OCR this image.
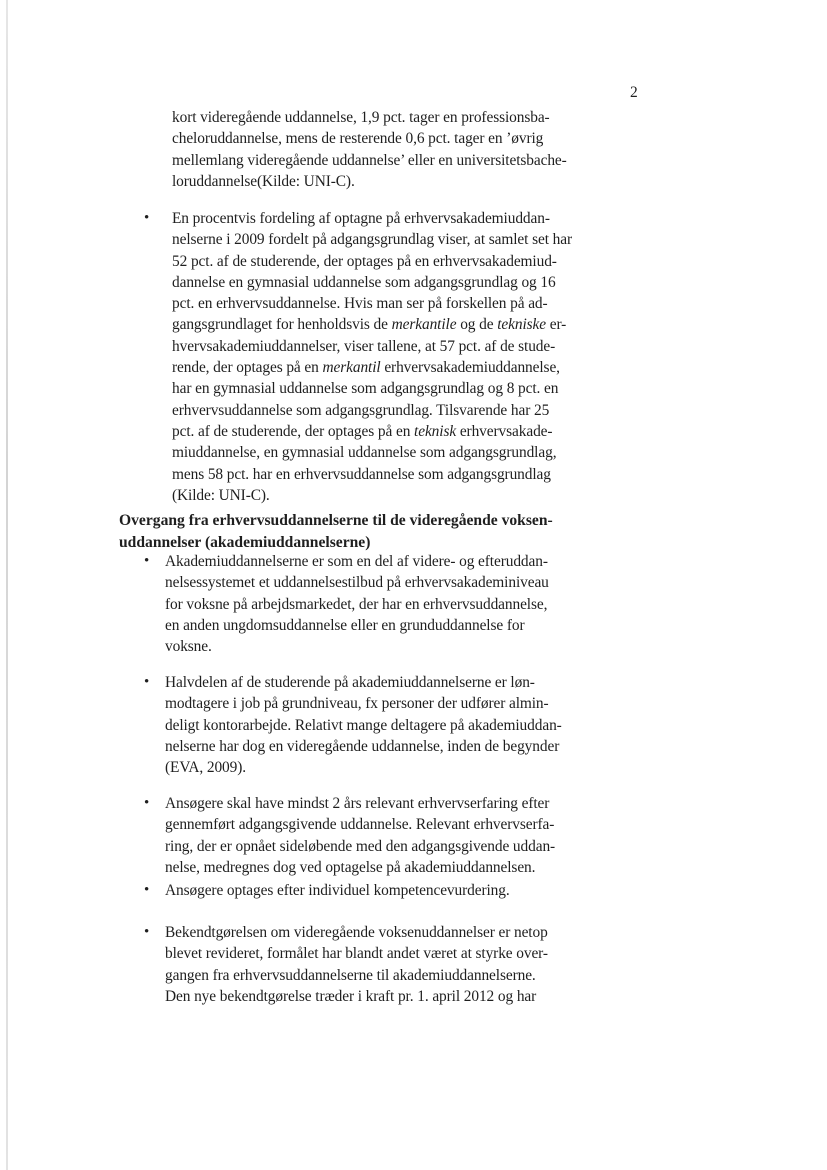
2
kort videregående uddannelse, 1,9 pct. tager en professionsba-
cheloruddannelse, mens de resterende 0,6 pct. tager en ’øvrig
mellemlang videregående uddannelse’ eller en universitetsbache-
loruddannelse(Kilde: UNI-C).
• En procentvis fordeling af optagne på erhvervsakademiuddan-
nelserne i 2009 fordelt på adgangsgrundlag viser, at samlet set har
52 pct. af de studerende, der optages på en erhvervsakademiud-
dannelse en gymnasial uddannelse som adgangsgrundlag og 16
pct. en erhvervsuddannelse. Hvis man ser på forskellen på ad-
gangsgrundlaget for henholdsvis de merkantile og de tekniske er-
hvervsakademiuddannelser, viser tallene, at 57 pct. af de stude-
rende, der optages på en merkantil erhvervsakademiuddannelse,
har en gymnasial uddannelse som adgangsgrundlag og 8 pct. en
erhvervsuddannelse som adgangsgrundlag. Tilsvarende har 25
pct. af de studerende, der optages på en teknisk erhvervsakade-
miuddannelse, en gymnasial uddannelse som adgangsgrundlag,
mens 58 pct. har en erhvervsuddannelse som adgangsgrundlag
(Kilde: UNI-C).
Overgang fra erhvervsuddannelserne til de videregående voksen-
uddannelser (akademiuddannelserne)
• Akademiuddannelserne er som en del af videre- og efteruddan-
nelsessystemet et uddannelsestilbud på erhvervsakademiniveau
for voksne på arbejdsmarkedet, der har en erhvervsuddannelse,
en anden ungdomsuddannelse eller en grunduddannelse for
voksne.
• Halvdelen af de studerende på akademiuddannelserne er løn-
modtagere i job på grundniveau, fx personer der udfører almin-
deligt kontorarbejde. Relativt mange deltagere på akademiuddan-
nelserne har dog en videregående uddannelse, inden de begynder
(EVA, 2009).
• Ansøgere skal have mindst 2 års relevant erhvervserfaring efter
gennemført adgangsgivende uddannelse. Relevant erhvervserfa-
ring, der er opnået sideløbende med den adgangsgivende uddan-
nelse, medregnes dog ved optagelse på akademiuddannelsen.
• Ansøgere optages efter individuel kompetencevurdering.
• Bekendtgørelsen om videregående voksenuddannelser er netop
blevet revideret, formålet har blandt andet været at styrke over-
gangen fra erhvervsuddannelserne til akademiuddannelserne.
Den nye bekendtgørelse træder i kraft pr. 1. april 2012 og har
